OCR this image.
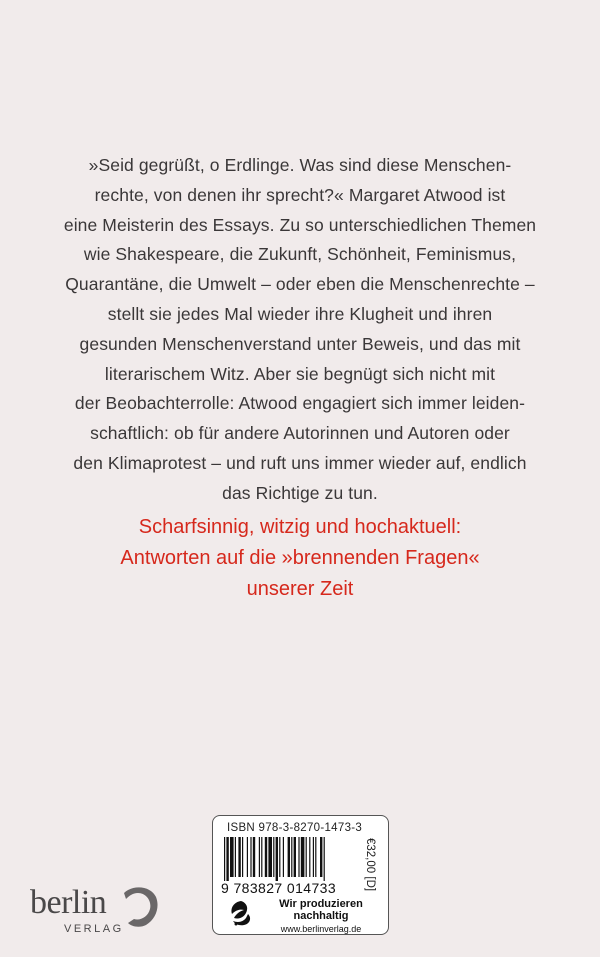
»Seid gegrüßt, o Erdlinge. Was sind diese Menschen-
rechte, von denen ihr sprecht?« Margaret Atwood ist
eine Meisterin des Essays. Zu so unterschiedlichen Themen
wie Shakespeare, die Zukunft, Schönheit, Feminismus,
Quarantäne, die Umwelt – oder eben die Menschenrechte –
stellt sie jedes Mal wieder ihre Klugheit und ihren
gesunden Menschenverstand unter Beweis, und das mit
literarischem Witz. Aber sie begnügt sich nicht mit
der Beobachterrolle: Atwood engagiert sich immer leiden-
schaftlich: ob für andere Autorinnen und Autoren oder
den Klimaprotest – und ruft uns immer wieder auf, endlich
das Richtige zu tun.
Scharfsinnig, witzig und hochaktuell:
Antworten auf die »brennenden Fragen«
unserer Zeit
berlin
VERLAG
ISBN 978-3-8270-1473-3
€32,00 [D]
9 783827 014733
Wir produzieren
nachhaltig
www.berlinverlag.de
